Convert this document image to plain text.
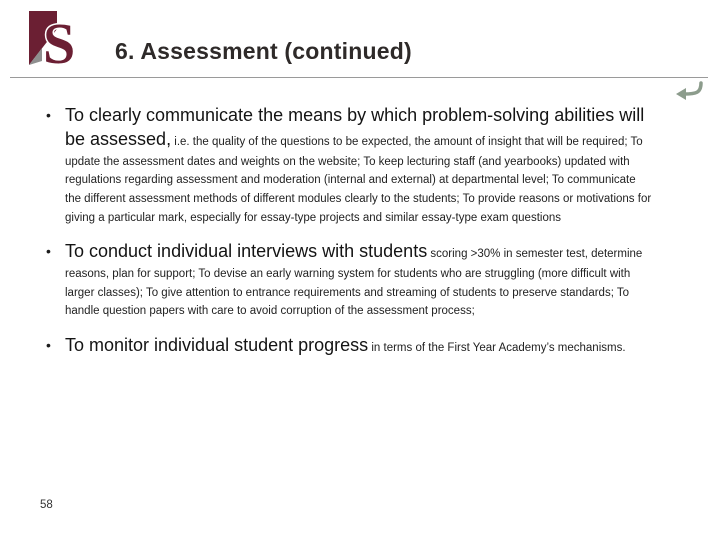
S 6. Assessment (continued)
• To clearly communicate the means by which problem-solving abilities will be assessed, i.e. the quality of the questions to be expected, the amount of insight that will be required; To update the assessment dates and weights on the website; To keep lecturing staff (and yearbooks) updated with regulations regarding assessment and moderation (internal and external) at departmental level; To communicate the different assessment methods of different modules clearly to the students; To provide reasons or motivations for giving a particular mark, especially for essay-type projects and similar essay-type exam questions
• To conduct individual interviews with students scoring >30% in semester test, determine reasons, plan for support; To devise an early warning system for students who are struggling (more difficult with larger classes); To give attention to entrance requirements and streaming of students to preserve standards; To handle question papers with care to avoid corruption of the assessment process;
• To monitor individual student progress in terms of the First Year Academy’s mechanisms.
58
